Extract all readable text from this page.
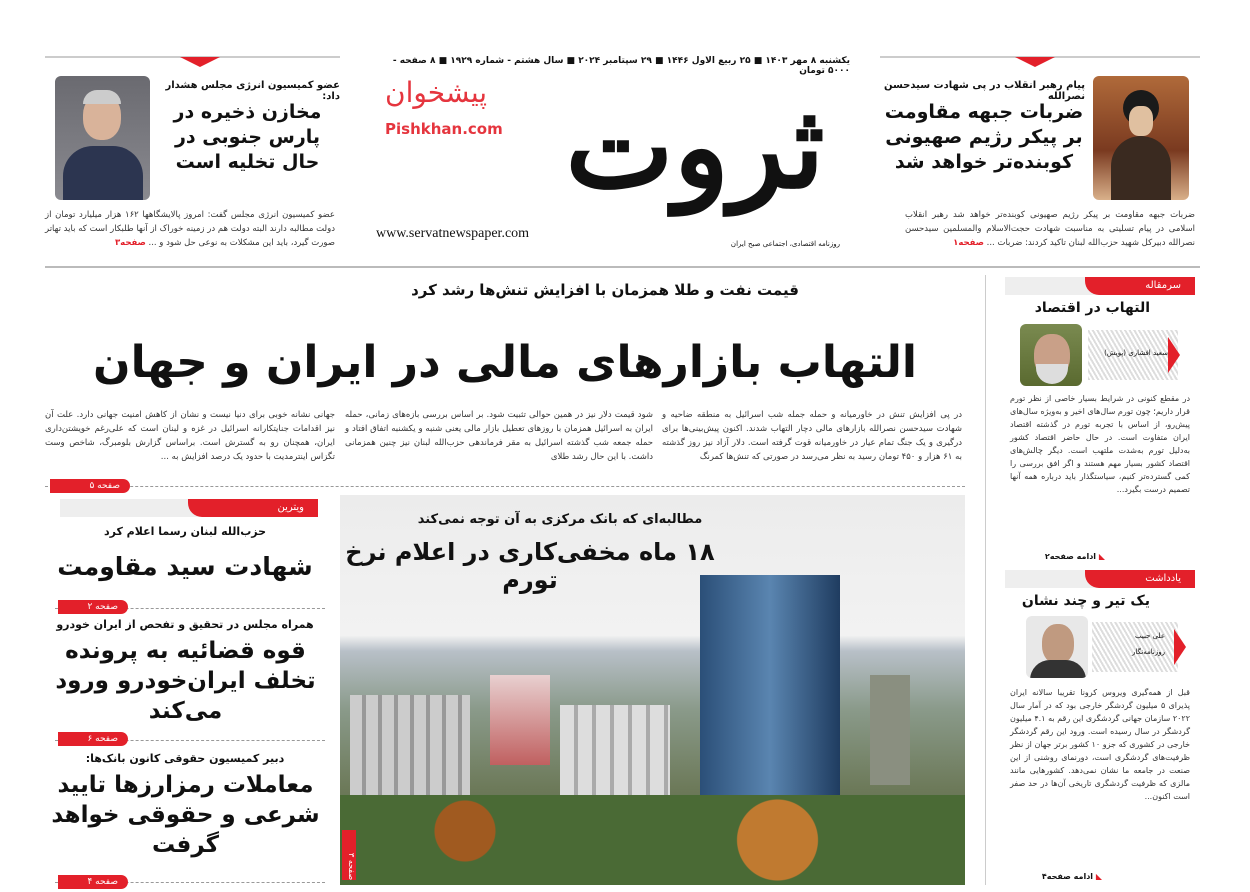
پیام رهبر انقلاب در پی شهادت سیدحسن نصرالله
ضربات جبهه مقاومت بر پیکر رژیم صهیونی کوبنده‌تر خواهد شد
ضربات جبهه مقاومت بر پیکر رژیم صهیونی کوبنده‌تر خواهد شد رهبر انقلاب اسلامی در پیام تسلیتی به مناسبت شهادت حجت‌الاسلام والمسلمین سیدحسن نصرالله دبیرکل شهید حزب‌الله لبنان تاکید کردند: ضربات ... صفحه۱
عضو کمیسیون انرژی مجلس هشدار داد:
مخازن ذخیره در پارس جنوبی در حال تخلیه است
عضو کمیسیون انرژی مجلس گفت: امروز پالایشگاهها ۱۶۲ هزار میلیارد تومان از دولت مطالبه دارند البته دولت هم در زمینه خوراک از آنها طلبکار است که باید تهاتر صورت گیرد، باید این مشکلات به نوعی حل شود و ... صفحه۳
یکشنبه ۸ مهر ۱۴۰۳ ■ ۲۵ ربیع الاول ۱۴۴۶ ■ ۲۹ سپتامبر ۲۰۲۴ ■ سال هشتم - شماره ۱۹۲۹ ■ ۸ صفحه - ۵۰۰۰ تومان
ثروت
پیشخوان
Pishkhan.com
www.servatnewspaper.com
روزنامه اقتصادی، اجتماعی صبح ایران
قیمت نفت و طلا همزمان با افزایش تنش‌ها رشد کرد
التهاب بازارهای مالی در ایران و جهان
در پی افزایش تنش در خاورمیانه و حمله جمله شب اسرائیل به منطقه ضاحیه و شهادت سیدحسن نصرالله بازارهای مالی دچار التهاب شدند. اکنون پیش‌بینی‌ها برای درگیری و یک جنگ تمام عیار در خاورمیانه قوت گرفته است. دلار آزاد نیز روز گذشته به ۶۱ هزار و ۴۵۰ تومان رسید به نظر می‌رسد در صورتی که تنش‌ها کمرنگ
شود قیمت دلار نیز در همین حوالی تثبیت شود. بر اساس بررسی بازه‌های زمانی، حمله ایران به اسرائیل همزمان با روزهای تعطیل بازار مالی یعنی شنبه و یکشنبه اتفاق افتاد و حمله جمعه شب گذشته اسرائیل به مقر فرماندهی حزب‌الله لبنان نیز چنین همزمانی داشت. با این حال رشد طلای
جهانی نشانه خوبی برای دنیا نیست و نشان از کاهش امنیت جهانی دارد. علت آن نیز اقدامات جنایتکارانه اسرائیل در غزه و لبنان است که علی‌رغم خویشتن‌داری ایران، همچنان رو به گسترش است. براساس گزارش بلومبرگ، شاخص وست تگزاس اینترمدیت با حدود یک درصد افزایش به ...
صفحه ۵
ویترین
حزب‌الله لبنان رسما اعلام کرد
شهادت سید مقاومت
صفحه ۲
همراه مجلس در تحقیق و تفحص از ایران خودرو
قوه قضائیه به پرونده تخلف ایران‌خودرو ورود می‌کند
صفحه ۶
دبیر کمیسیون حقوقی کانون بانک‌ها:
معاملات رمزارزها تایید شرعی و حقوقی خواهد گرفت
صفحه ۴
مطالبه‌ای که بانک مرکزی به آن توجه نمی‌کند
۱۸ ماه مخفی‌کاری در اعلام نرخ تورم
صفحه ۳
سرمقاله
التهاب در اقتصاد
سعید افشاری (پویش)
در مقطع کنونی در شرایط بسیار خاصی از نظر تورم قرار داریم؛ چون تورم سال‌های اخیر و به‌ویژه سال‌های پیش‌رو، از اساس با تجربه تورم در گذشته اقتصاد ایران متفاوت است. در حال حاضر اقتصاد کشور به‌دلیل تورم به‌شدت ملتهب است. دیگر چالش‌های اقتصاد کشور بسیار مهم هستند و اگر افق بررسی را کمی گسترده‌تر کنیم، سیاستگذار باید درباره همه آنها تصمیم درست بگیرد...
◣ ادامه صفحه۲
یادداشت
یک تیر و چند نشان
علی حبیب
روزنامه‌نگار
قبل از همه‌گیری ویروس کرونا تقریبا سالانه ایران پذیرای ۵ میلیون گردشگر خارجی بود که در آمار سال ۲۰۲۲ سازمان جهانی گردشگری این رقم به ۴.۱ میلیون گردشگر در سال رسیده است. ورود این رقم گردشگر خارجی در کشوری که جزو ۱۰ کشور برتر جهان از نظر ظرفیت‌های گردشگری است، دورنمای روشنی از این صنعت در جامعه ما نشان نمی‌دهد. کشورهایی مانند مالزی که ظرفیت گردشگری تاریخی آن‌ها در حد صفر است اکنون...
◣ ادامه صفحه۴
